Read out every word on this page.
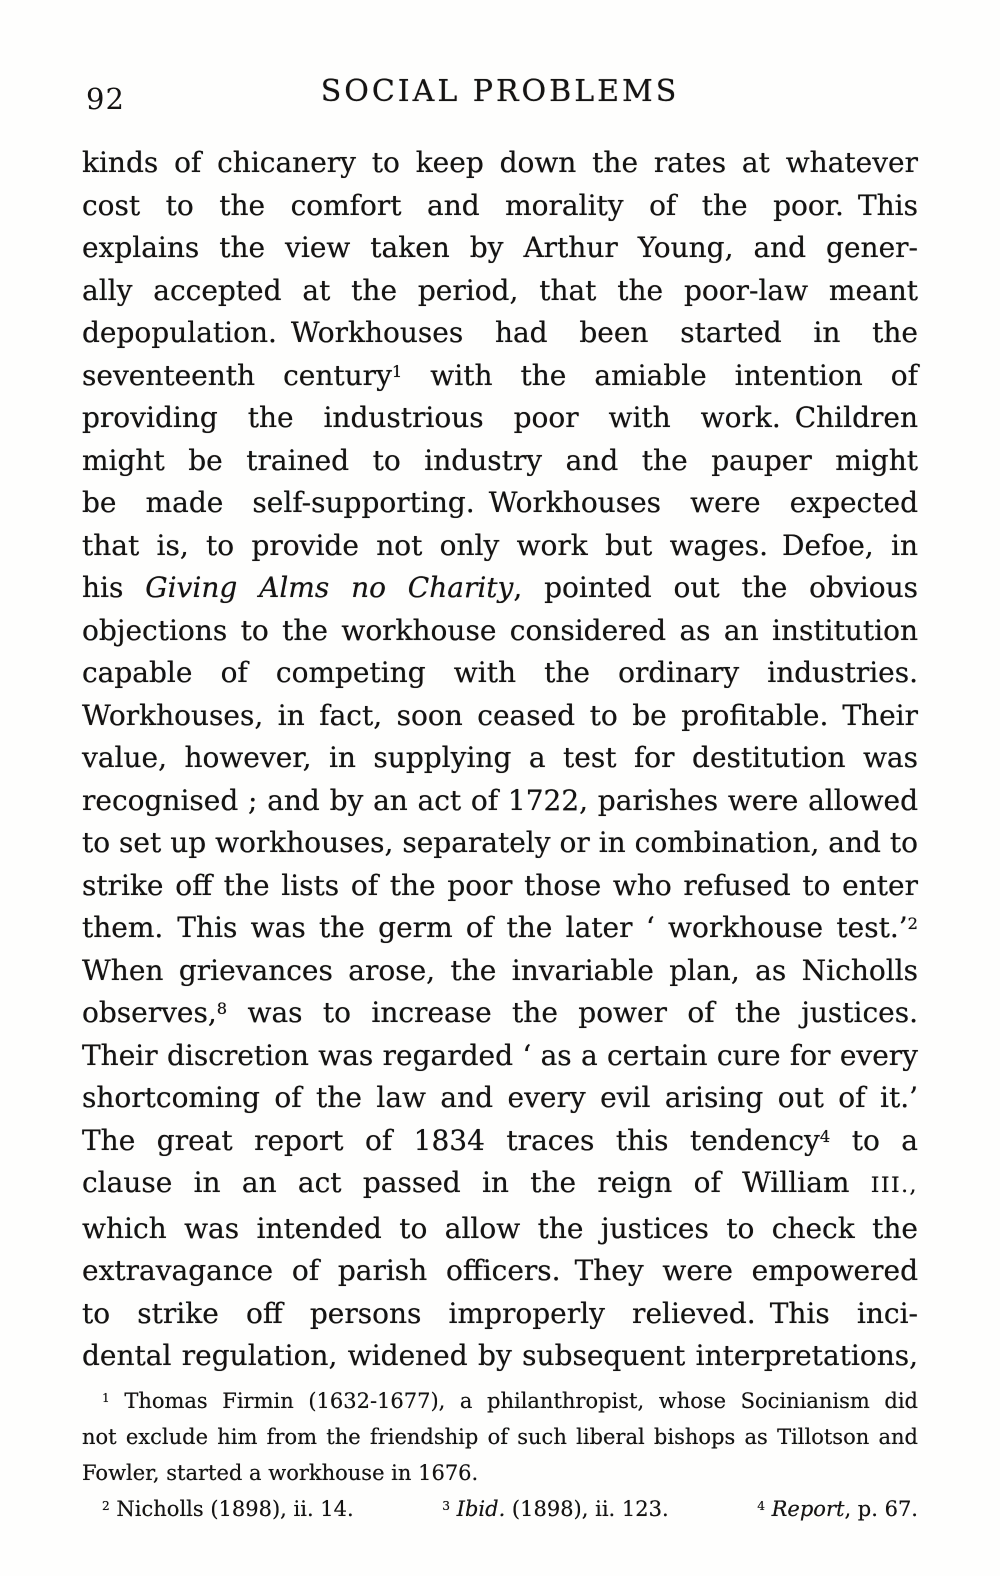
92	SOCIAL PROBLEMS
kinds of chicanery to keep down the rates at whatever
cost to the comfort and morality of the poor. This
explains the view taken by Arthur Young, and gener-
ally accepted at the period, that the poor-law meant
depopulation. Workhouses had been started in the
seventeenth century$^1$ with the amiable intention of
providing the industrious poor with work. Children
might be trained to industry and the pauper might
be made self-supporting. Workhouses were expected
that is, to provide not only work but wages. Defoe, in
his Giving Alms no Charity, pointed out the obvious
objections to the workhouse considered as an institution
capable of competing with the ordinary industries.
Workhouses, in fact, soon ceased to be profitable. Their
value, however, in supplying a test for destitution was
recognised ; and by an act of 1722, parishes were allowed
to set up workhouses, separately or in combination, and to
strike off the lists of the poor those who refused to enter
them. This was the germ of the later ‘ workhouse test.’$^2$
When grievances arose, the invariable plan, as Nicholls
observes,$^8$ was to increase the power of the justices.
Their discretion was regarded ‘ as a certain cure for every
shortcoming of the law and every evil arising out of it.’
The great report of 1834 traces this tendency$^4$ to a
clause in an act passed in the reign of William III.,
which was intended to allow the justices to check the
extravagance of parish officers. They were empowered
to strike off persons improperly relieved. This inci-
dental regulation, widened by subsequent interpretations,
$^1$ Thomas Firmin (1632-1677), a philanthropist, whose Socinianism did
not exclude him from the friendship of such liberal bishops as Tillotson and
Fowler, started a workhouse in 1676.
$^2$ Nicholls (1898), ii. 14.	$^3$ Ibid. (1898), ii. 123.	$^4$ Report, p. 67.
